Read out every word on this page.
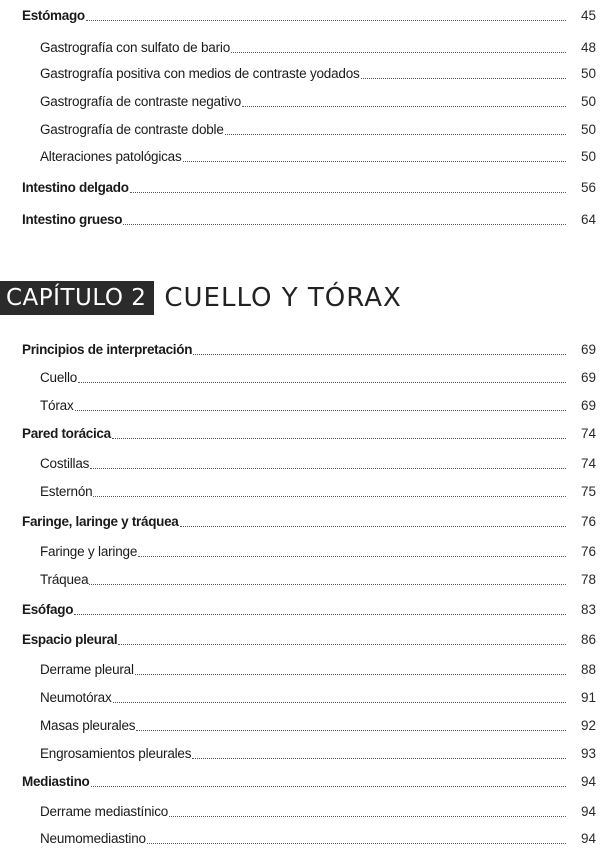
Estómago	45
Gastrografía con sulfato de bario	48
Gastrografía positiva con medios de contraste yodados	50
Gastrografía de contraste negativo	50
Gastrografía de contraste doble	50
Alteraciones patológicas	50
Intestino delgado	56
Intestino grueso	64
CAPÍTULO 2 CUELLO Y TÓRAX
Principios de interpretación	69
Cuello	69
Tórax	69
Pared torácica	74
Costillas	74
Esternón	75
Faringe, laringe y tráquea	76
Faringe y laringe	76
Tráquea	78
Esófago	83
Espacio pleural	86
Derrame pleural	88
Neumotórax	91
Masas pleurales	92
Engrosamientos pleurales	93
Mediastino	94
Derrame mediastínico	94
Neumomediastino	94
